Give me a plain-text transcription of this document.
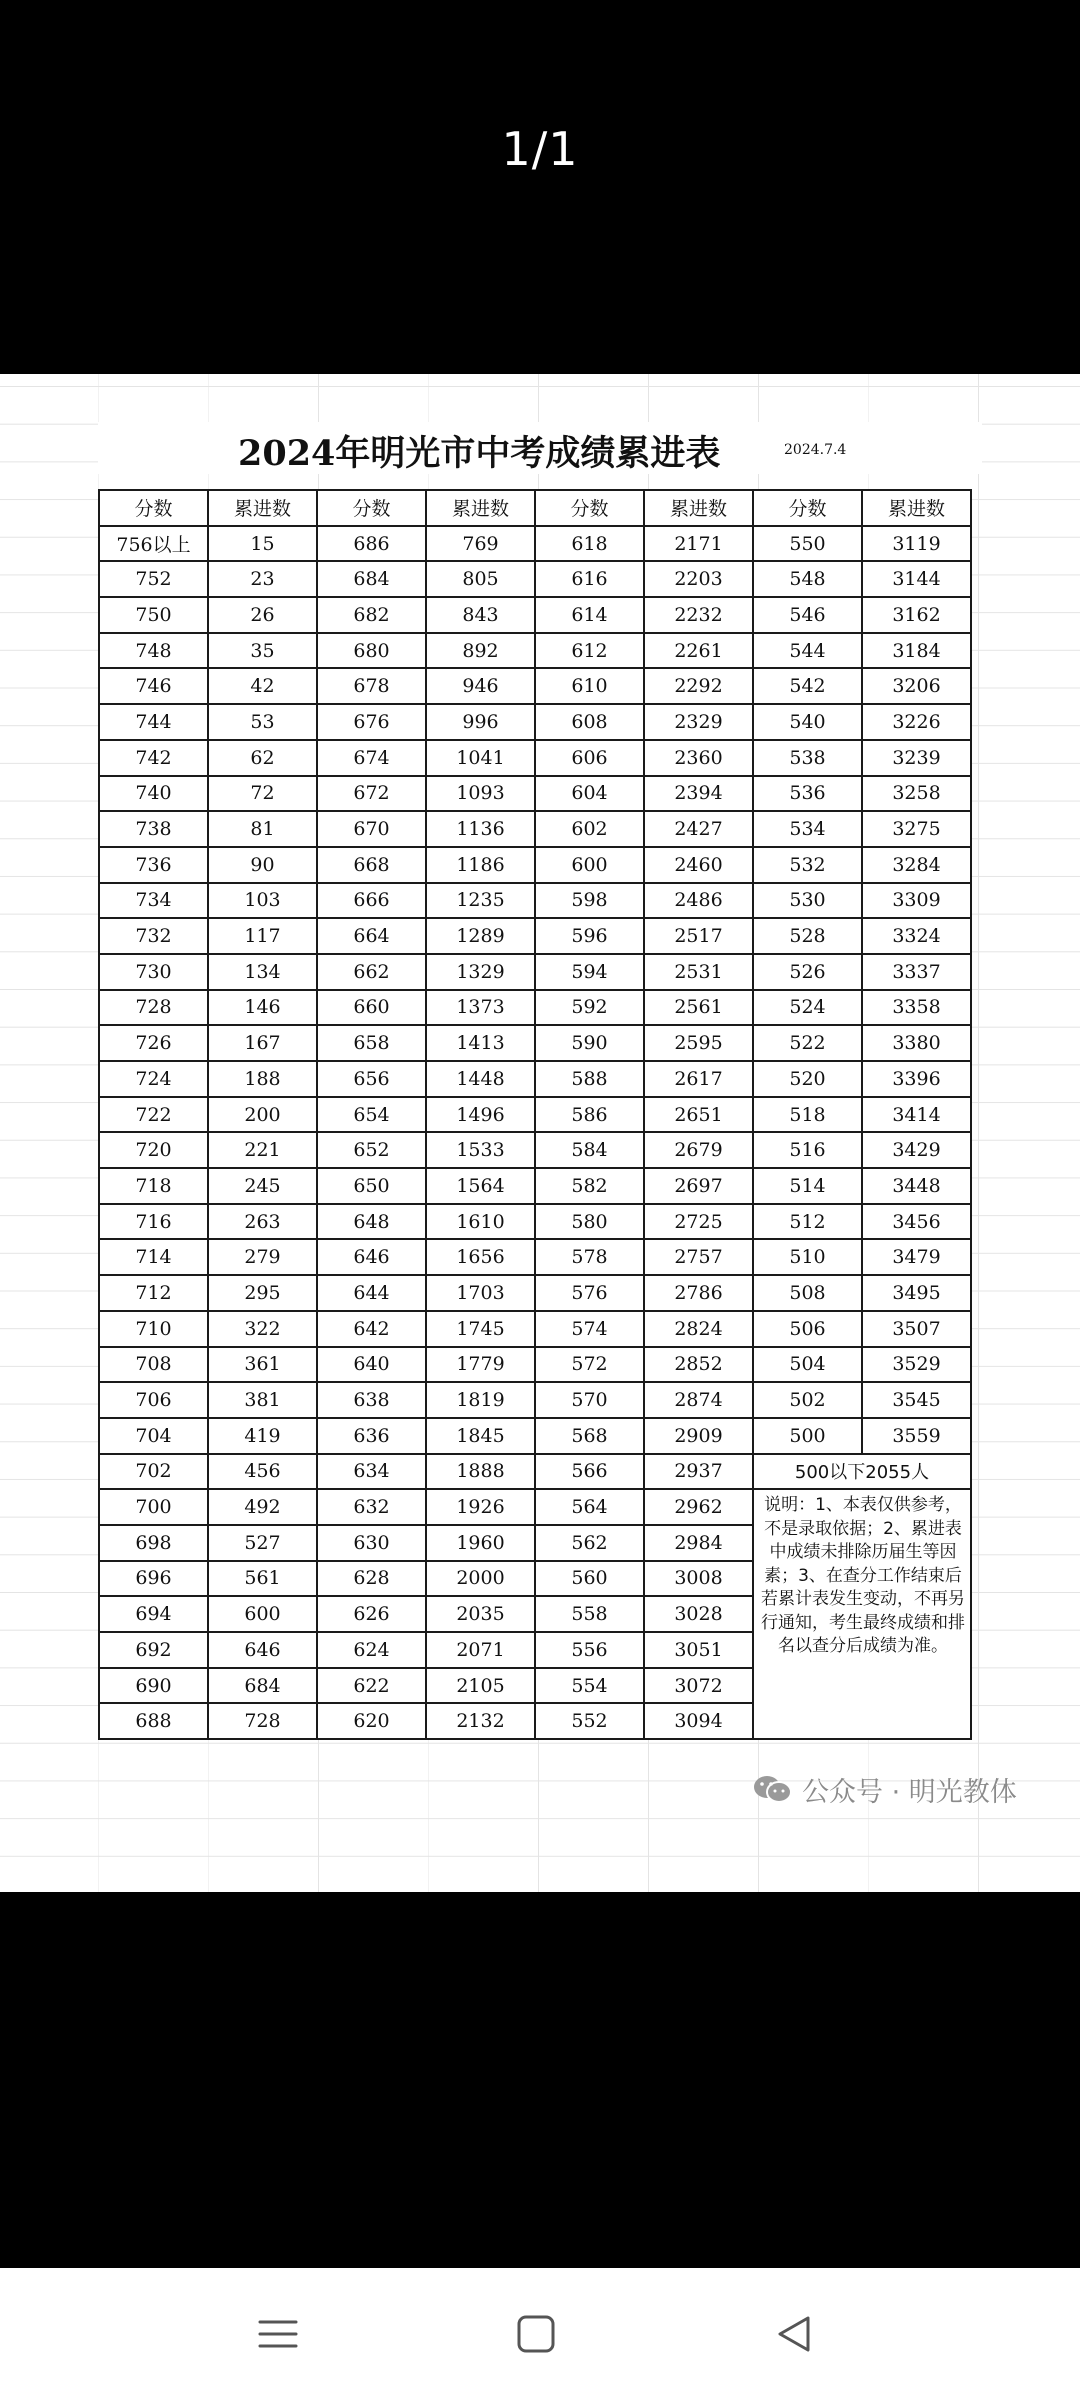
1/1
2024年明光市中考成绩累进表	2024.7.4
分数	累进数	分数	累进数	分数	累进数	分数	累进数
756以上	15	686	769	618	2171	550	3119
752	23	684	805	616	2203	548	3144
750	26	682	843	614	2232	546	3162
748	35	680	892	612	2261	544	3184
746	42	678	946	610	2292	542	3206
744	53	676	996	608	2329	540	3226
742	62	674	1041	606	2360	538	3239
740	72	672	1093	604	2394	536	3258
738	81	670	1136	602	2427	534	3275
736	90	668	1186	600	2460	532	3284
734	103	666	1235	598	2486	530	3309
732	117	664	1289	596	2517	528	3324
730	134	662	1329	594	2531	526	3337
728	146	660	1373	592	2561	524	3358
726	167	658	1413	590	2595	522	3380
724	188	656	1448	588	2617	520	3396
722	200	654	1496	586	2651	518	3414
720	221	652	1533	584	2679	516	3429
718	245	650	1564	582	2697	514	3448
716	263	648	1610	580	2725	512	3456
714	279	646	1656	578	2757	510	3479
712	295	644	1703	576	2786	508	3495
710	322	642	1745	574	2824	506	3507
708	361	640	1779	572	2852	504	3529
706	381	638	1819	570	2874	502	3545
704	419	636	1845	568	2909	500	3559
702	456	634	1888	566	2937	500以下2055人	
700	492	632	1926	564	2962	说明：1、本表仅供参考，不是录取依据；2、累进表中成绩未排除历届生等因素；3、在查分工作结束后若累计表发生变动，不再另行通知，考生最终成绩和排名以查分后成绩为准。	
698	527	630	1960	562	2984		
696	561	628	2000	560	3008		
694	600	626	2035	558	3028		
692	646	624	2071	556	3051		
690	684	622	2105	554	3072		
688	728	620	2132	552	3094		
公众号 · 明光教体
